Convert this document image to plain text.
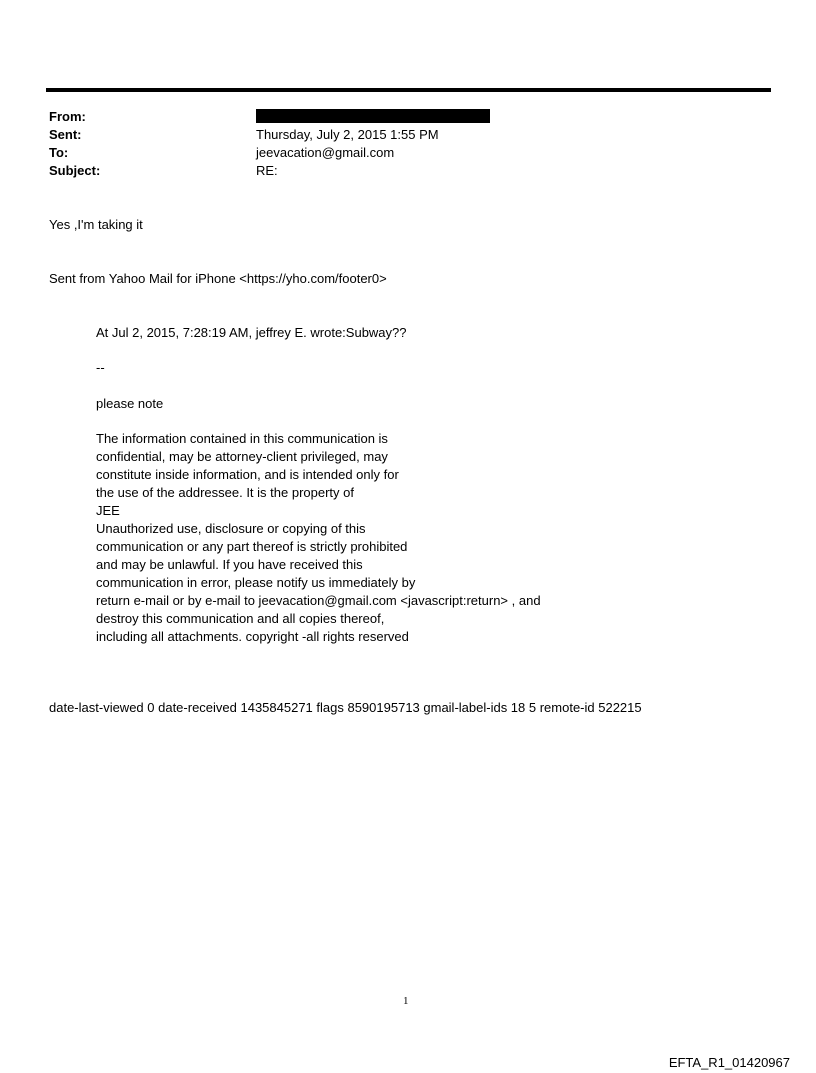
From:
Sent:	Thursday, July 2, 2015 1:55 PM
To:	jeevacation@gmail.com
Subject:	RE:
Yes ,I'm taking it
Sent from Yahoo Mail for iPhone <https://yho.com/footer0>
At Jul 2, 2015, 7:28:19 AM, jeffrey E. wrote:Subway??
--
please note
The information contained in this communication is
confidential, may be attorney-client privileged, may
constitute inside information, and is intended only for
the use of the addressee. It is the property of
JEE
Unauthorized use, disclosure or copying of this
communication or any part thereof is strictly prohibited
and may be unlawful. If you have received this
communication in error, please notify us immediately by
return e-mail or by e-mail to jeevacation@gmail.com <javascript:return> , and
destroy this communication and all copies thereof,
including all attachments. copyright -all rights reserved
date-last-viewed 0 date-received 1435845271 flags 8590195713 gmail-label-ids 18 5 remote-id 522215
1
EFTA_R1_01420967
